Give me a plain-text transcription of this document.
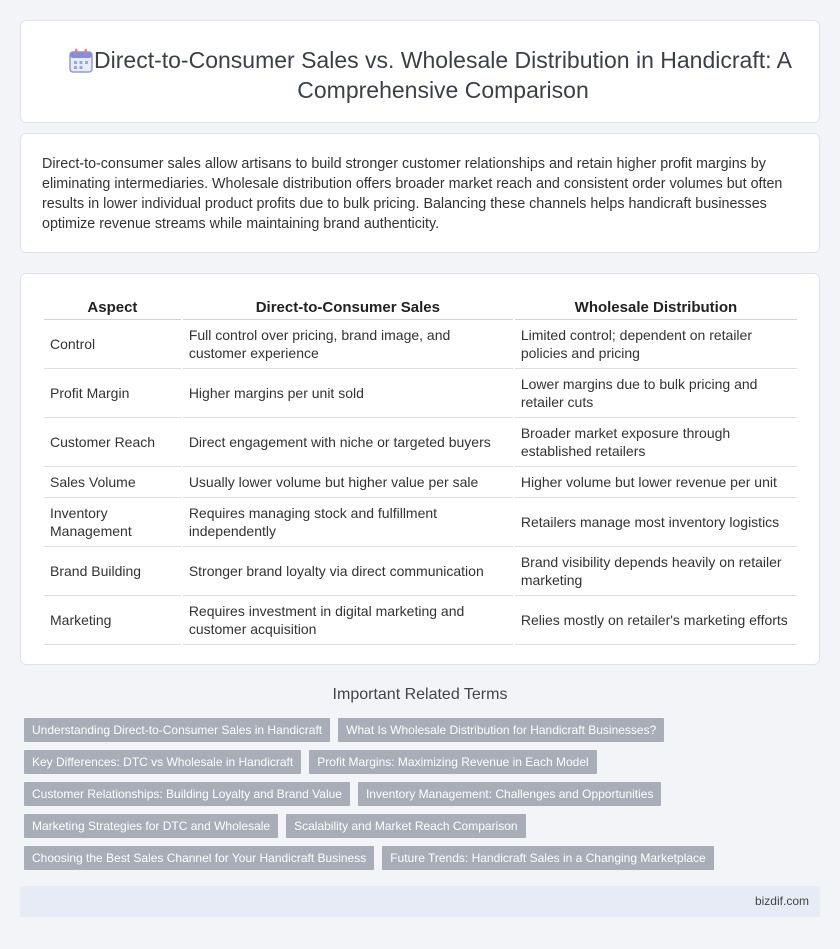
Direct-to-Consumer Sales vs. Wholesale Distribution in Handicraft: A Comprehensive Comparison

Direct-to-consumer sales allow artisans to build stronger customer relationships and retain higher profit margins by eliminating intermediaries. Wholesale distribution offers broader market reach and consistent order volumes but often results in lower individual product profits due to bulk pricing. Balancing these channels helps handicraft businesses optimize revenue streams while maintaining brand authenticity.

Aspect	Direct-to-Consumer Sales	Wholesale Distribution
Control	Full control over pricing, brand image, and customer experience	Limited control; dependent on retailer policies and pricing
Profit Margin	Higher margins per unit sold	Lower margins due to bulk pricing and retailer cuts
Customer Reach	Direct engagement with niche or targeted buyers	Broader market exposure through established retailers
Sales Volume	Usually lower volume but higher value per sale	Higher volume but lower revenue per unit
Inventory Management	Requires managing stock and fulfillment independently	Retailers manage most inventory logistics
Brand Building	Stronger brand loyalty via direct communication	Brand visibility depends heavily on retailer marketing
Marketing	Requires investment in digital marketing and customer acquisition	Relies mostly on retailer's marketing efforts
Important Related Terms
Understanding Direct-to-Consumer Sales in Handicraft	What Is Wholesale Distribution for Handicraft Businesses?
Key Differences: DTC vs Wholesale in Handicraft	Profit Margins: Maximizing Revenue in Each Model
Customer Relationships: Building Loyalty and Brand Value	Inventory Management: Challenges and Opportunities
Marketing Strategies for DTC and Wholesale	Scalability and Market Reach Comparison
Choosing the Best Sales Channel for Your Handicraft Business	Future Trends: Handicraft Sales in a Changing Marketplace
bizdif.com
